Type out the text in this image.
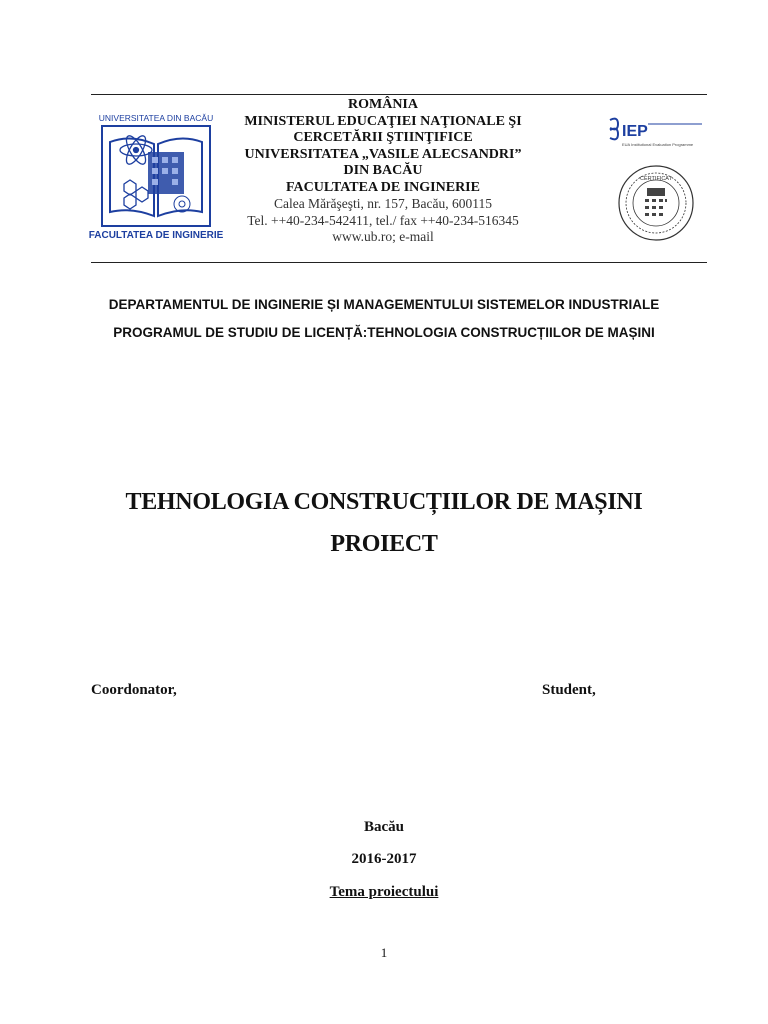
UNIVERSITATEA DIN BACĂU
FACULTATEA DE INGINERIE
ROMÂNIA
MINISTERUL EDUCAŢIEI NAŢIONALE ŞI CERCETĂRII ŞTIINŢIFICE
UNIVERSITATEA „VASILE ALECSANDRI” DIN BACĂU
FACULTATEA DE INGINERIE
Calea Mărăşeşti, nr. 157, Bacău, 600115
Tel. ++40-234-542411, tel./ fax ++40-234-516345
www.ub.ro; e-mail
IEP
EUA Institutional Evaluation Programme
CERTIFICAT
DEPARTAMENTUL DE INGINERIE ȘI MANAGEMENTULUI SISTEMELOR INDUSTRIALE
PROGRAMUL DE STUDIU DE LICENȚĂ:TEHNOLOGIA CONSTRUCȚIILOR DE MAȘINI
TEHNOLOGIA CONSTRUCȚIILOR DE MAȘINI
PROIECT
Coordonator,	Student,
Bacău
2016-2017
Tema proiectului
1
